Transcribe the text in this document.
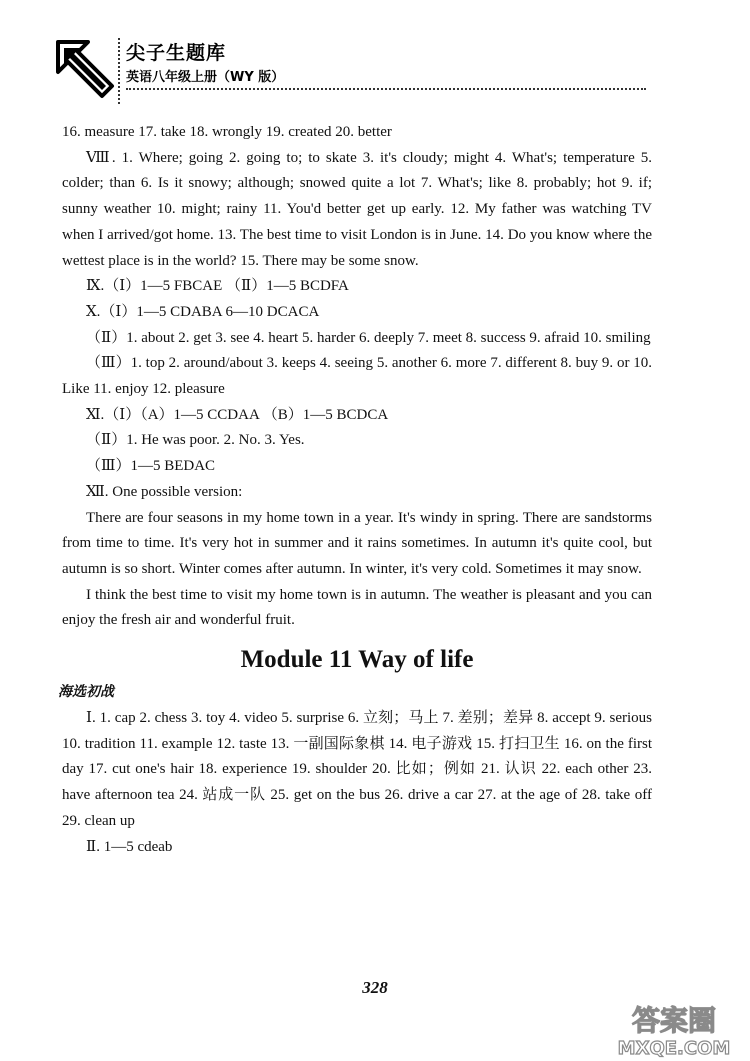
尖子生题库
英语八年级上册（WY 版）

16. measure 17. take 18. wrongly 19. created 20. better

Ⅷ. 1. Where; going 2. going to; to skate 3. it's cloudy; might 4. What's; temperature 5. colder; than 6. Is it snowy; although; snowed quite a lot 7. What's; like 8. probably; hot 9. if; sunny weather 10. might; rainy 11. You'd better get up early. 12. My father was watching TV when I arrived/got home. 13. The best time to visit London is in June. 14. Do you know where the wettest place is in the world? 15. There may be some snow.

Ⅸ.（Ⅰ）1—5 FBCAE （Ⅱ）1—5 BCDFA

Ⅹ.（Ⅰ）1—5 CDABA 6—10 DCACA

（Ⅱ）1. about 2. get 3. see 4. heart 5. harder 6. deeply 7. meet 8. success 9. afraid 10. smiling

（Ⅲ）1. top 2. around/about 3. keeps 4. seeing 5. another 6. more 7. different 8. buy 9. or 10. Like 11. enjoy 12. pleasure

Ⅺ.（Ⅰ）（A）1—5 CCDAA （B）1—5 BCDCA

（Ⅱ）1. He was poor. 2. No. 3. Yes.

（Ⅲ）1—5 BEDAC

Ⅻ. One possible version:

There are four seasons in my home town in a year. It's windy in spring. There are sandstorms from time to time. It's very hot in summer and it rains sometimes. In autumn it's quite cool, but autumn is so short. Winter comes after autumn. In winter, it's very cold. Sometimes it may snow.

I think the best time to visit my home town is in autumn. The weather is pleasant and you can enjoy the fresh air and wonderful fruit.

Module 11 Way of life

海选初战

Ⅰ. 1. cap 2. chess 3. toy 4. video 5. surprise 6. 立刻；马上 7. 差别；差异 8. accept 9. serious 10. tradition 11. example 12. taste 13. 一副国际象棋 14. 电子游戏 15. 打扫卫生 16. on the first day 17. cut one's hair 18. experience 19. shoulder 20. 比如；例如 21. 认识 22. each other 23. have afternoon tea 24. 站成一队 25. get on the bus 26. drive a car 27. at the age of 28. take off 29. clean up

Ⅱ. 1—5 cdeab

328
答案圈
MXQE.COM
